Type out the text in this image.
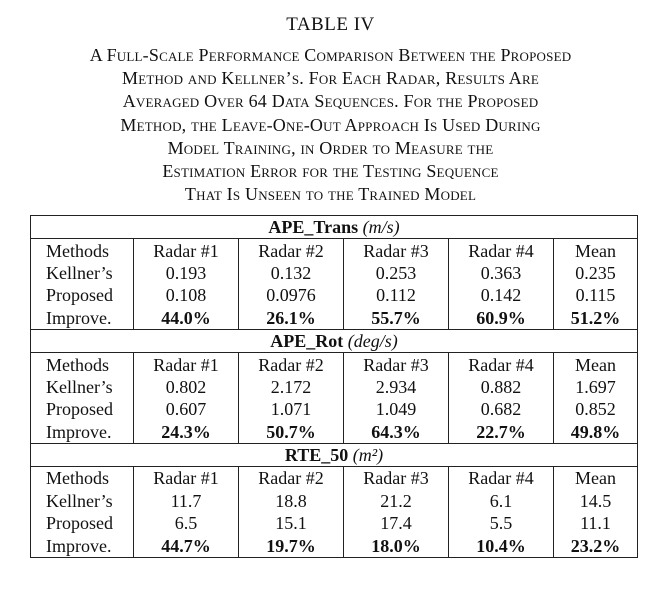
TABLE IV
A Full-Scale Performance Comparison Between the Proposed
Method and Kellner’s. For Each Radar, Results Are
Averaged Over 64 Data Sequences. For the Proposed
Method, the Leave-One-Out Approach Is Used During
Model Training, in Order to Measure the
Estimation Error for the Testing Sequence
That Is Unseen to the Trained Model
APE_Trans (m/s)					
Methods	Radar #1	Radar #2	Radar #3	Radar #4	Mean
Kellner’s	0.193	0.132	0.253	0.363	0.235
Proposed	0.108	0.0976	0.112	0.142	0.115
Improve.	44.0%	26.1%	55.7%	60.9%	51.2%
APE_Rot (deg/s)					
Methods	Radar #1	Radar #2	Radar #3	Radar #4	Mean
Kellner’s	0.802	2.172	2.934	0.882	1.697
Proposed	0.607	1.071	1.049	0.682	0.852
Improve.	24.3%	50.7%	64.3%	22.7%	49.8%
RTE_50 (m²)					
Methods	Radar #1	Radar #2	Radar #3	Radar #4	Mean
Kellner’s	11.7	18.8	21.2	6.1	14.5
Proposed	6.5	15.1	17.4	5.5	11.1
Improve.	44.7%	19.7%	18.0%	10.4%	23.2%
